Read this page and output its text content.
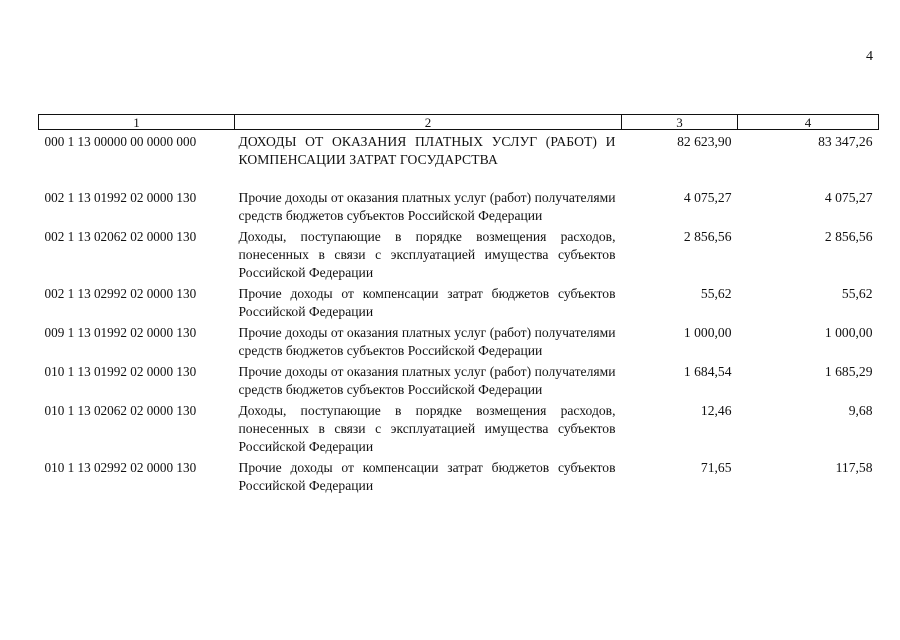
4
1	2	3	4
000 1 13 00000 00 0000 000	ДОХОДЫ ОТ ОКАЗАНИЯ ПЛАТНЫХ УСЛУГ (РАБОТ) И КОМПЕНСАЦИИ ЗАТРАТ ГОСУДАРСТВА	82 623,90	83 347,26

002 1 13 01992 02 0000 130	Прочие доходы от оказания платных услуг (работ) получателями средств бюджетов субъектов Российской Федерации	4 075,27	4 075,27
002 1 13 02062 02 0000 130	Доходы, поступающие в порядке возмещения расходов, понесенных в связи с эксплуатацией имущества субъектов Российской Федерации	2 856,56	2 856,56
002 1 13 02992 02 0000 130	Прочие доходы от компенсации затрат бюджетов субъектов Российской Федерации	55,62	55,62
009 1 13 01992 02 0000 130	Прочие доходы от оказания платных услуг (работ) получателями средств бюджетов субъектов Российской Федерации	1 000,00	1 000,00
010 1 13 01992 02 0000 130	Прочие доходы от оказания платных услуг (работ) получателями средств бюджетов субъектов Российской Федерации	1 684,54	1 685,29
010 1 13 02062 02 0000 130	Доходы, поступающие в порядке возмещения расходов, понесенных в связи с эксплуатацией имущества субъектов Российской Федерации	12,46	9,68
010 1 13 02992 02 0000 130	Прочие доходы от компенсации затрат бюджетов субъектов Российской Федерации	71,65	117,58
